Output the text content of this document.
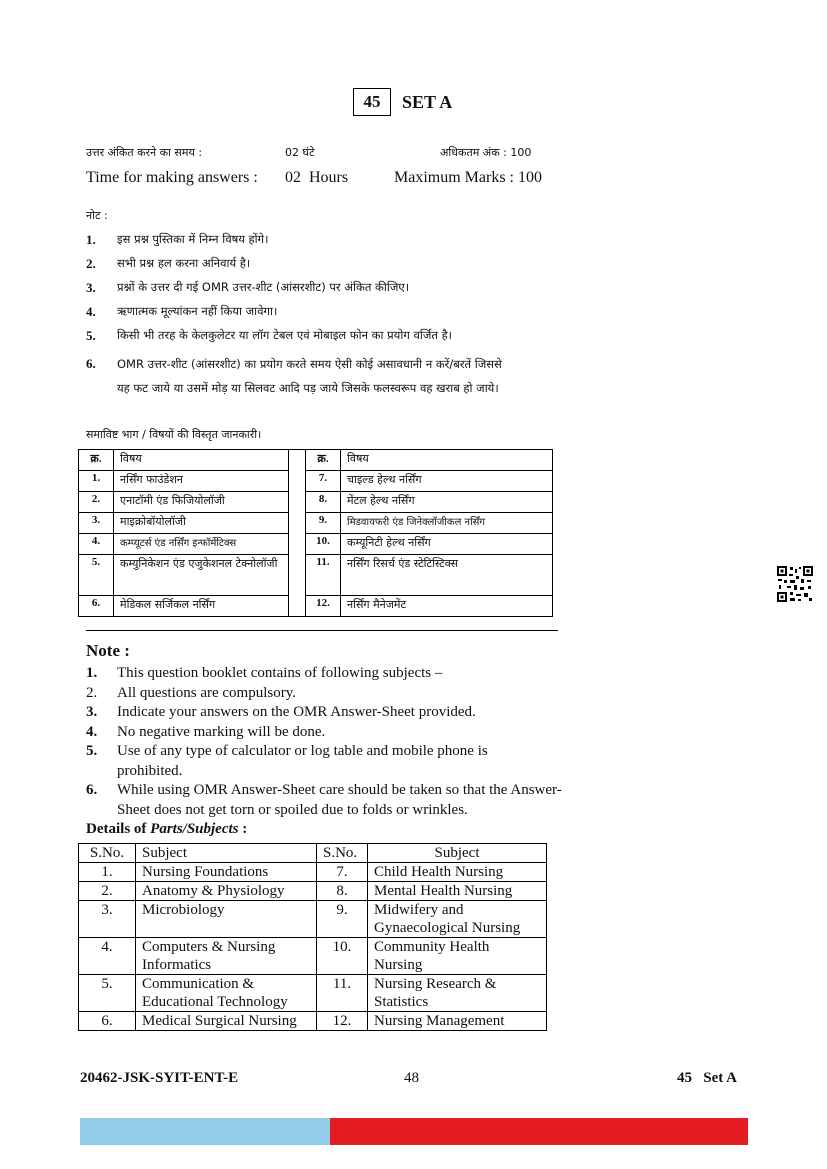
45	SET A
उत्तर अंकित करने का समय :	02 घंटे	अधिकतम अंक : 100
Time for making answers : 02  Hours	Maximum Marks : 100
नोट :
1. इस प्रश्न पुस्तिका में निम्न विषय होंगे।
2. सभी प्रश्न हल करना अनिवार्य है।
3. प्रश्नों के उत्तर दी गई OMR उत्तर-शीट (आंसरशीट) पर अंकित कीजिए।
4. ऋणात्मक मूल्यांकन नहीं किया जावेगा।
5. किसी भी तरह के केलकुलेटर या लॉग टेबल एवं मोबाइल फोन का प्रयोग वर्जित है।
6. OMR उत्तर-शीट (आंसरशीट) का प्रयोग करते समय ऐसी कोई असावधानी न करें/बरतें जिससे यह फट जाये या उसमें मोड़ या सिलवट आदि पड़ जाये जिसके फलस्वरूप वह खराब हो जाये।
समाविष्ट भाग / विषयों की विस्तृत जानकारी।
क्र.	विषय		क्र.	विषय
1.	नर्सिंग फाउंडेशन		7.	चाइल्ड हेल्थ नर्सिंग
2.	एनाटॉमी एंड फिजियोलॉजी		8.	मेंटल हेल्थ नर्सिंग
3.	माइक्रोबॉयोलॉजी		9.	मिडवायफरी एंड जिनेक्लॉजीकल नर्सिंग
4.	कम्प्यूटर्स एंड नर्सिंग इन्फॉर्मेटिक्स		10.	कम्यूनिटी हेल्थ नर्सिंग
5.	कम्युनिकेशन एंड एजुकेशनल टेक्नोलॉजी		11.	नर्सिंग रिसर्च एंड स्टेटिस्टिक्स
6.	मेडिकल सर्जिकल नर्सिंग		12.	नर्सिंग मैनेजमेंट
Note :
1. This question booklet contains of following subjects –
2. All questions are compulsory.
3. Indicate your answers on the OMR Answer-Sheet provided.
4. No negative marking will be done.
5. Use of any type of calculator or log table and mobile phone is prohibited.
6. While using OMR Answer-Sheet care should be taken so that the Answer-Sheet does not get torn or spoiled due to folds or wrinkles.
Details of Parts/Subjects :
S.No.	Subject	S.No.	Subject
1.	Nursing Foundations	7.	Child Health Nursing
2.	Anatomy & Physiology	8.	Mental Health Nursing
3.	Microbiology	9.	Midwifery and Gynaecological Nursing
4.	Computers & Nursing Informatics	10.	Community Health Nursing
5.	Communication & Educational Technology	11.	Nursing Research & Statistics
6.	Medical Surgical Nursing	12.	Nursing Management
20462-JSK-SYIT-ENT-E	48	45   Set A
